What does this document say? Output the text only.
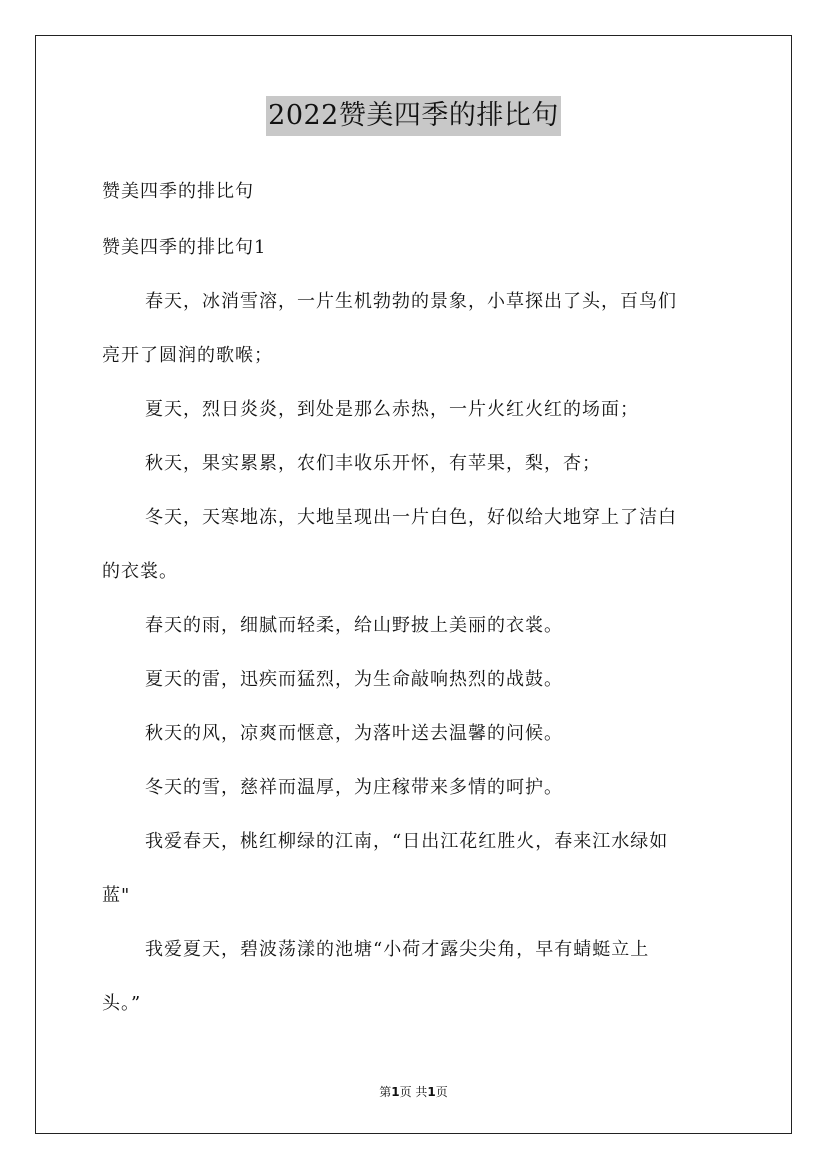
2022赞美四季的排比句
赞美四季的排比句
赞美四季的排比句1
春天，冰消雪溶，一片生机勃勃的景象，小草探出了头，百鸟们
亮开了圆润的歌喉；
夏天，烈日炎炎，到处是那么赤热，一片火红火红的场面；
秋天，果实累累，农们丰收乐开怀，有苹果，梨，杏；
冬天，天寒地冻，大地呈现出一片白色，好似给大地穿上了洁白
的衣裳。
春天的雨，细腻而轻柔，给山野披上美丽的衣裳。
夏天的雷，迅疾而猛烈，为生命敲响热烈的战鼓。
秋天的风，凉爽而惬意，为落叶送去温馨的问候。
冬天的雪，慈祥而温厚，为庄稼带来多情的呵护。
我爱春天，桃红柳绿的江南，“日出江花红胜火，春来江水绿如
蓝"
我爱夏天，碧波荡漾的池塘“小荷才露尖尖角，早有蜻蜓立上
头。”
第1页 共1页
